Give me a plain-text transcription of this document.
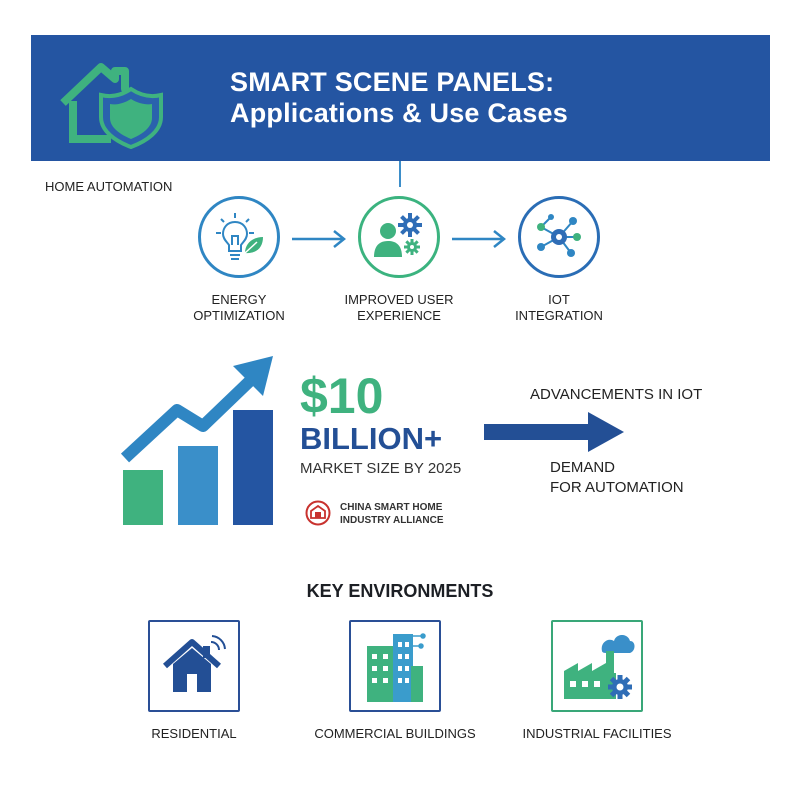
SMART SCENE PANELS:
Applications & Use Cases
HOME AUTOMATION
ENERGY
OPTIMIZATION
IMPROVED USER
EXPERIENCE
IOT
INTEGRATION
$10
BILLION+
MARKET SIZE BY 2025
CHINA SMART HOME
INDUSTRY ALLIANCE
ADVANCEMENTS IN IOT
DEMAND
FOR AUTOMATION
KEY ENVIRONMENTS
RESIDENTIAL	COMMERCIAL BUILDINGS	INDUSTRIAL FACILITIES
